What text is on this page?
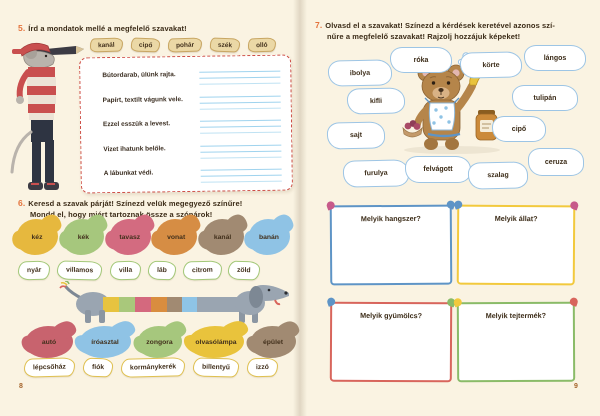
5. Írd a mondatok mellé a megfelelő szavakat!
kanál	cipő	pohár	szék	olló
Bútordarab, ülünk rajta.
Papírt, textilt vágunk vele.
Ezzel esszük a levest.
Vizet ihatunk belőle.
A lábunkat védi.
6. Keresd a szavak párját! Színezd velük megegyező színűre!
Mondd el, hogy miért tartoznak össze a szópárok!
kéz	kék	tavasz	vonat	kanál	banán
nyár	villamos	villa	láb	citrom	zöld
autó	íróasztal	zongora	olvasólámpa	épület
lépcsőház	fiók	kormánykerék	billentyű	izzó
8
7. Olvasd el a szavakat! Színezd a kérdések keretével azonos szí-
nűre a megfelelő szavakat! Rajzolj hozzájuk képeket!
ibolya
róka
körte
lángos
kifli	tulipán
sajt
cipő
furulya
felvágott
szalag
ceruza
Melyik hangszer?	Melyik állat?
Melyik gyümölcs?	Melyik tejtermék?
9
